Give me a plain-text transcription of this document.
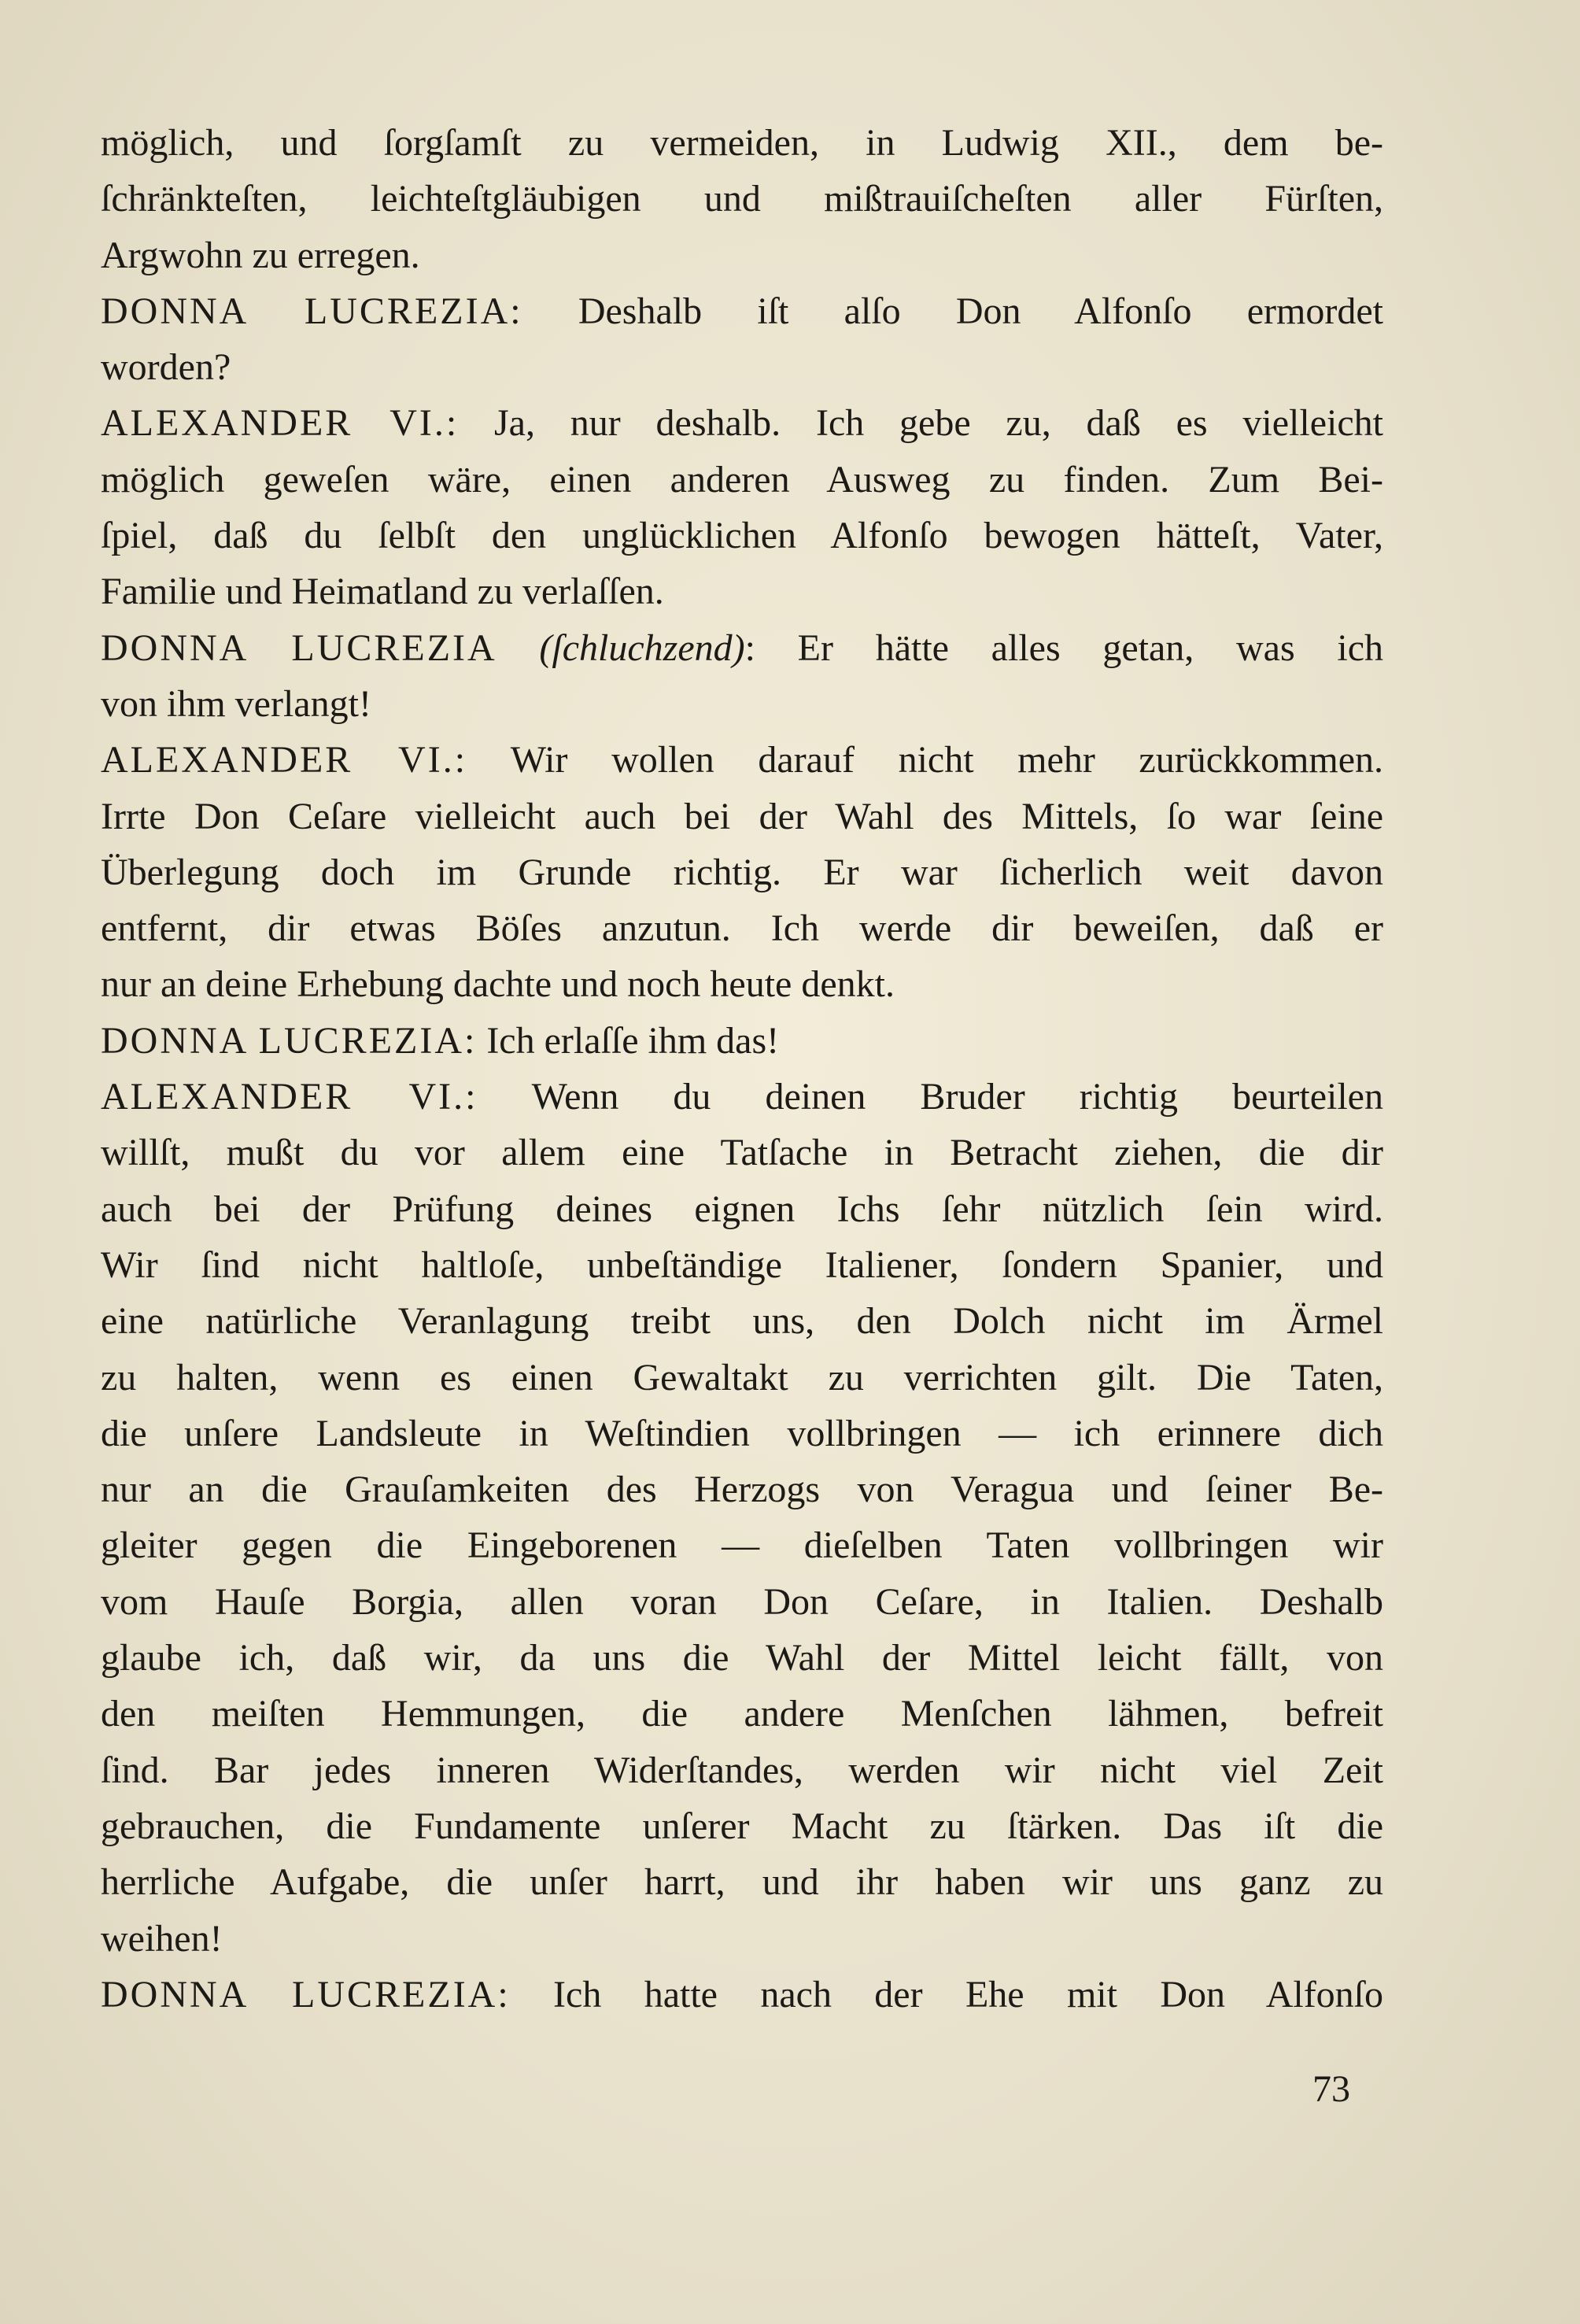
möglich, und ſorgſamſt zu vermeiden, in Ludwig XII., dem be-
ſchränkteſten, leichteſtgläubigen und mißtrauiſcheſten aller Fürſten,
Argwohn zu erregen.
DONNA LUCREZIA: Deshalb iſt alſo Don Alfonſo ermordet
worden?
ALEXANDER VI.: Ja, nur deshalb. Ich gebe zu, daß es vielleicht
möglich geweſen wäre, einen anderen Ausweg zu finden. Zum Bei-
ſpiel, daß du ſelbſt den unglücklichen Alfonſo bewogen hätteſt, Vater,
Familie und Heimatland zu verlaſſen.
DONNA LUCREZIA (ſchluchzend): Er hätte alles getan, was ich
von ihm verlangt!
ALEXANDER VI.: Wir wollen darauf nicht mehr zurückkommen.
Irrte Don Ceſare vielleicht auch bei der Wahl des Mittels, ſo war ſeine
Überlegung doch im Grunde richtig. Er war ſicherlich weit davon
entfernt, dir etwas Böſes anzutun. Ich werde dir beweiſen, daß er
nur an deine Erhebung dachte und noch heute denkt.
DONNA LUCREZIA: Ich erlaſſe ihm das!
ALEXANDER VI.: Wenn du deinen Bruder richtig beurteilen
willſt, mußt du vor allem eine Tatſache in Betracht ziehen, die dir
auch bei der Prüfung deines eignen Ichs ſehr nützlich ſein wird.
Wir ſind nicht haltloſe, unbeſtändige Italiener, ſondern Spanier, und
eine natürliche Veranlagung treibt uns, den Dolch nicht im Ärmel
zu halten, wenn es einen Gewaltakt zu verrichten gilt. Die Taten,
die unſere Landsleute in Weſtindien vollbringen — ich erinnere dich
nur an die Grauſamkeiten des Herzogs von Veragua und ſeiner Be-
gleiter gegen die Eingeborenen — dieſelben Taten vollbringen wir
vom Hauſe Borgia, allen voran Don Ceſare, in Italien. Deshalb
glaube ich, daß wir, da uns die Wahl der Mittel leicht fällt, von
den meiſten Hemmungen, die andere Menſchen lähmen, befreit
ſind. Bar jedes inneren Widerſtandes, werden wir nicht viel Zeit
gebrauchen, die Fundamente unſerer Macht zu ſtärken. Das iſt die
herrliche Aufgabe, die unſer harrt, und ihr haben wir uns ganz zu
weihen!
DONNA LUCREZIA: Ich hatte nach der Ehe mit Don Alfonſo
73
